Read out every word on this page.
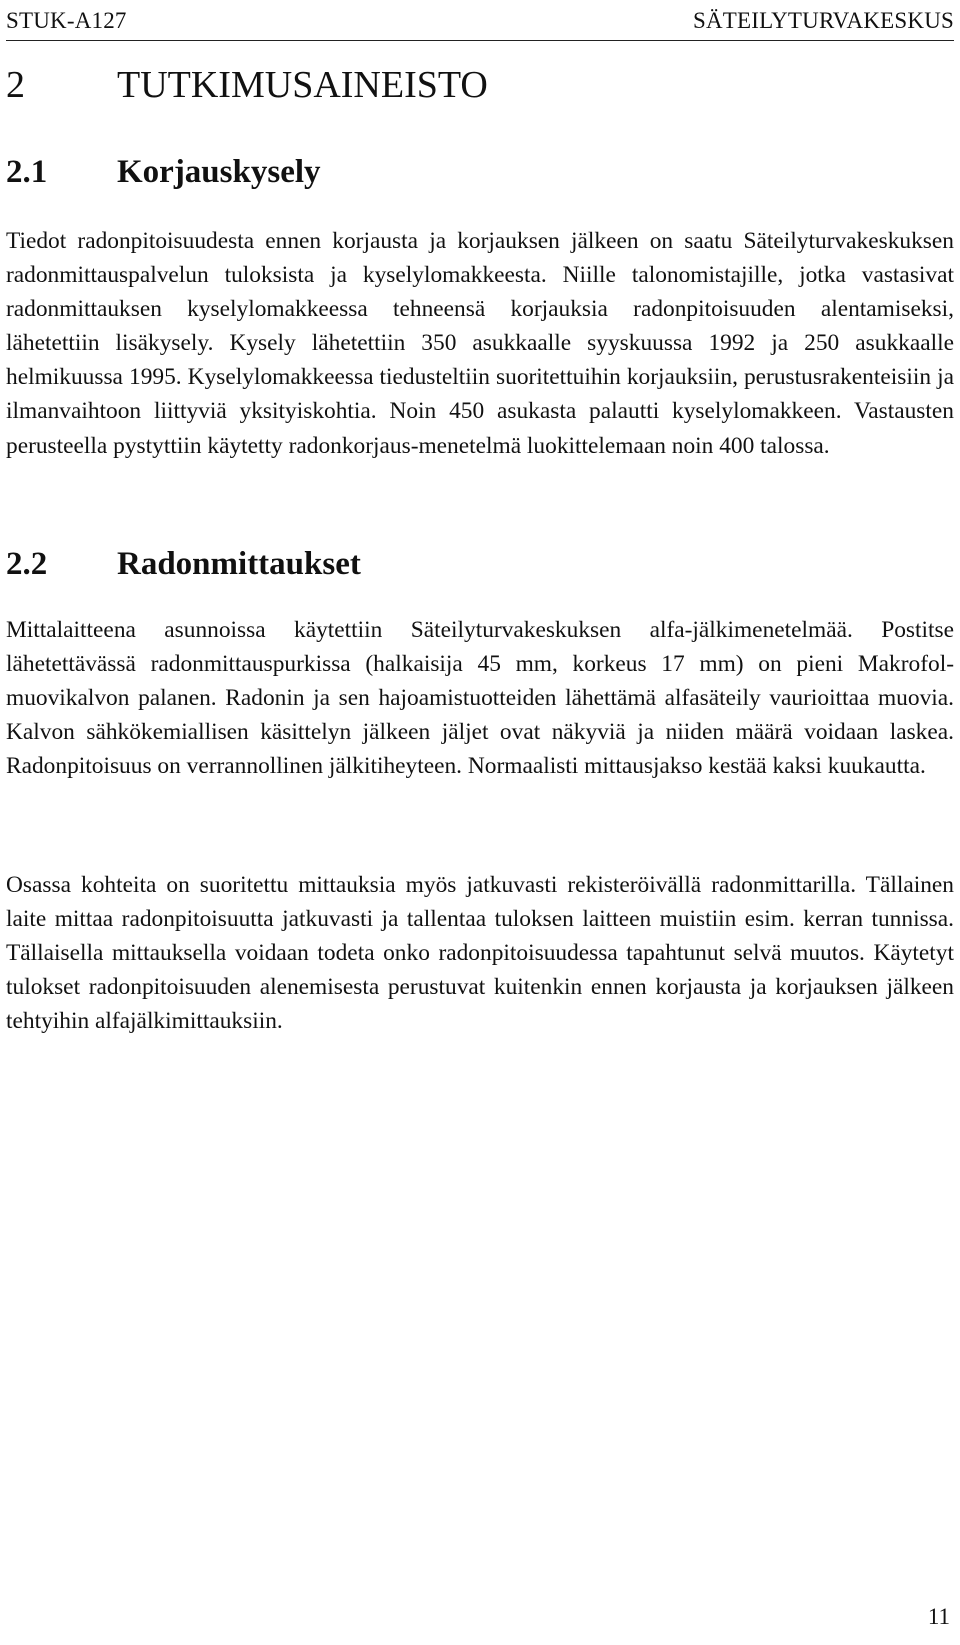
STUK-A127	SÄTEILYTURVAKESKUS
2 TUTKIMUSAINEISTO
2.1 Korjauskysely

Tiedot radonpitoisuudesta ennen korjausta ja korjauksen jälkeen on saatu Säteilyturvakeskuksen radonmittauspalvelun tuloksista ja kyselylomakkeesta. Niille talonomistajille, jotka vastasivat radonmittauksen kyselylomakkeessa tehneensä korjauksia radonpitoisuuden alentamiseksi, lähetettiin lisäkysely. Kysely lähetettiin 350 asukkaalle syyskuussa 1992 ja 250 asukkaalle helmikuussa 1995. Kyselylomakkeessa tiedusteltiin suoritettuihin korjauksiin, perustusrakenteisiin ja ilmanvaihtoon liittyviä yksityiskohtia. Noin 450 asukasta palautti kyselylomakkeen. Vastausten perusteella pystyttiin käytetty radonkorjaus-menetelmä luokittelemaan noin 400 talossa.

2.2 Radonmittaukset

Mittalaitteena asunnoissa käytettiin Säteilyturvakeskuksen alfa-jälkimenetelmää. Postitse lähetettävässä radonmittauspurkissa (halkaisija 45 mm, korkeus 17 mm) on pieni Makrofol-muovikalvon palanen. Radonin ja sen hajoamistuotteiden lähettämä alfasäteily vaurioittaa muovia. Kalvon sähkökemiallisen käsittelyn jälkeen jäljet ovat näkyviä ja niiden määrä voidaan laskea. Radonpitoisuus on verrannollinen jälkitiheyteen. Normaalisti mittausjakso kestää kaksi kuukautta.

Osassa kohteita on suoritettu mittauksia myös jatkuvasti rekisteröivällä radonmittarilla. Tällainen laite mittaa radonpitoisuutta jatkuvasti ja tallentaa tuloksen laitteen muistiin esim. kerran tunnissa. Tällaisella mittauksella voidaan todeta onko radonpitoisuudessa tapahtunut selvä muutos. Käytetyt tulokset radonpitoisuuden alenemisesta perustuvat kuitenkin ennen korjausta ja korjauksen jälkeen tehtyihin alfajälkimittauksiin.

11
